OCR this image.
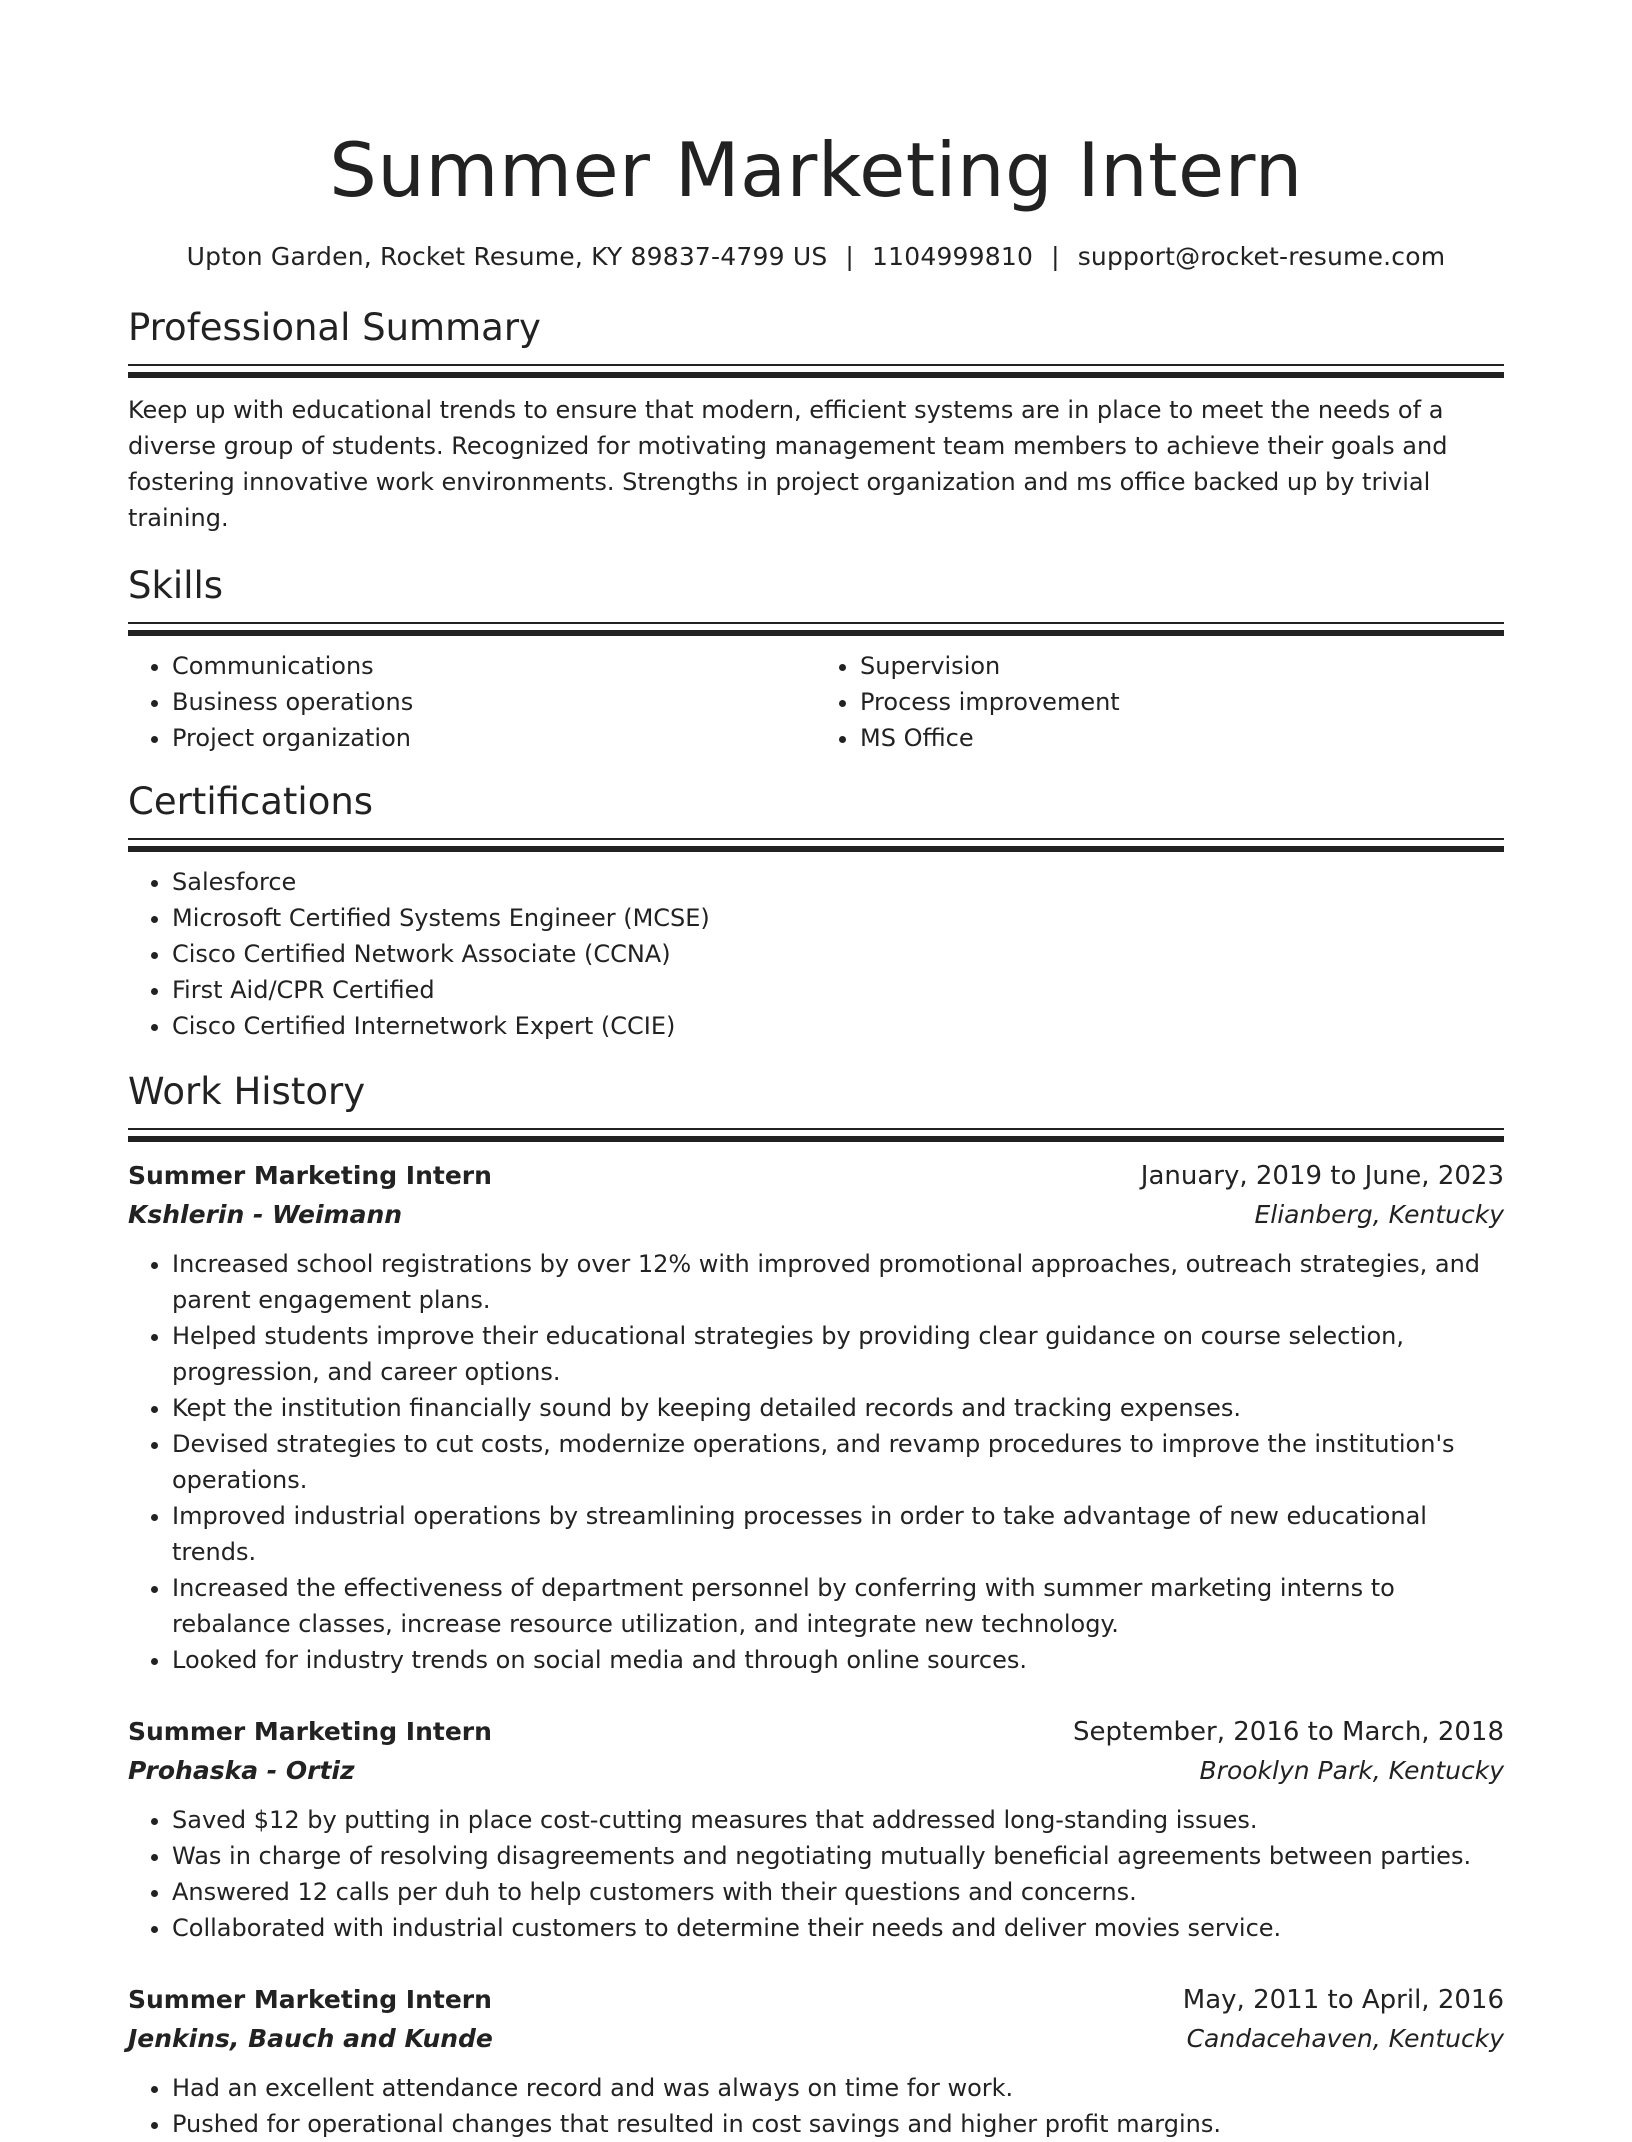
Summer Marketing Intern
Upton Garden, Rocket Resume, KY 89837-4799 US | 1104999810 | support@rocket-resume.com
Professional Summary

Keep up with educational trends to ensure that modern, efficient systems are in place to meet the needs of a diverse group of students. Recognized for motivating management team members to achieve their goals and fostering innovative work environments. Strengths in project organization and ms office backed up by trivial training.

Skills
• Communications
• Business operations
• Project organization
• Supervision
• Process improvement
• MS Office
Certifications
• Salesforce
• Microsoft Certified Systems Engineer (MCSE)
• Cisco Certified Network Associate (CCNA)
• First Aid/CPR Certified
• Cisco Certified Internetwork Expert (CCIE)
Work History
Summer Marketing Intern	January, 2019 to June, 2023
Kshlerin - Weimann	Elianberg, Kentucky
• Increased school registrations by over 12% with improved promotional approaches, outreach strategies, and parent engagement plans.
• Helped students improve their educational strategies by providing clear guidance on course selection, progression, and career options.
• Kept the institution financially sound by keeping detailed records and tracking expenses.
• Devised strategies to cut costs, modernize operations, and revamp procedures to improve the institution's operations.
• Improved industrial operations by streamlining processes in order to take advantage of new educational trends.
• Increased the effectiveness of department personnel by conferring with summer marketing interns to rebalance classes, increase resource utilization, and integrate new technology.
• Looked for industry trends on social media and through online sources.
Summer Marketing Intern	September, 2016 to March, 2018
Prohaska - Ortiz	Brooklyn Park, Kentucky
• Saved $12 by putting in place cost-cutting measures that addressed long-standing issues.
• Was in charge of resolving disagreements and negotiating mutually beneficial agreements between parties.
• Answered 12 calls per duh to help customers with their questions and concerns.
• Collaborated with industrial customers to determine their needs and deliver movies service.
Summer Marketing Intern	May, 2011 to April, 2016
Jenkins, Bauch and Kunde	Candacehaven, Kentucky
• Had an excellent attendance record and was always on time for work.
• Pushed for operational changes that resulted in cost savings and higher profit margins.
